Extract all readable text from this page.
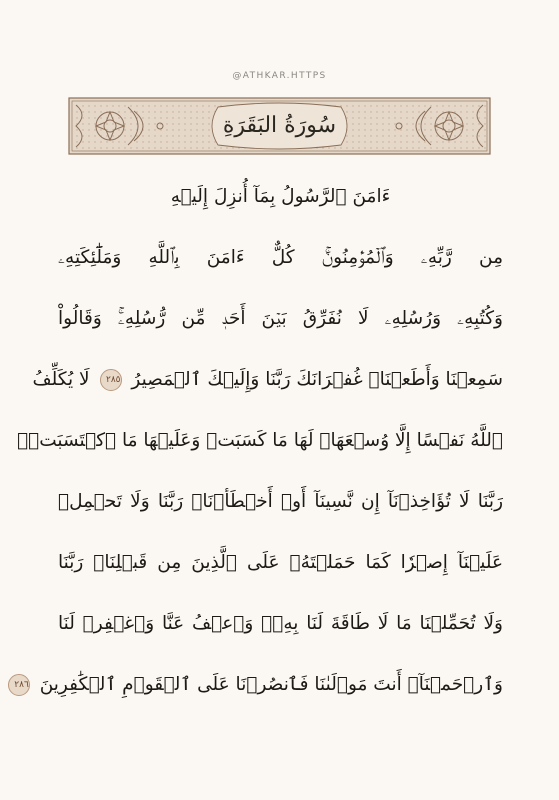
@ATHKAR.HTTPS
سُورَةُ البَقَرَةِ
ءَامَنَ ٱلرَّسُولُ بِمَآ أُنزِلَ إِلَيۡهِ
مِن رَّبِّهِۦ وَٱلۡمُؤۡمِنُونَۚ كُلٌّ ءَامَنَ بِٱللَّهِ وَمَلَٰٓئِكَتِهِۦ
وَكُتُبِهِۦ وَرُسُلِهِۦ لَا نُفَرِّقُ بَيۡنَ أَحَدٖ مِّن رُّسُلِهِۦۚ وَقَالُواْ
سَمِعۡنَا وَأَطَعۡنَاۖ غُفۡرَانَكَ رَبَّنَا وَإِلَيۡكَ ٱلۡمَصِيرُ ٢٨٥ لَا يُكَلِّفُ
ٱللَّهُ نَفۡسًا إِلَّا وُسۡعَهَاۚ لَهَا مَا كَسَبَتۡ وَعَلَيۡهَا مَا ٱكۡتَسَبَتۡۗ
رَبَّنَا لَا تُؤَاخِذۡنَآ إِن نَّسِينَآ أَوۡ أَخۡطَأۡنَاۚ رَبَّنَا وَلَا تَحۡمِلۡ
عَلَيۡنَآ إِصۡرٗا كَمَا حَمَلۡتَهُۥ عَلَى ٱلَّذِينَ مِن قَبۡلِنَاۚ رَبَّنَا
وَلَا تُحَمِّلۡنَا مَا لَا طَاقَةَ لَنَا بِهِۦۖ وَٱعۡفُ عَنَّا وَٱغۡفِرۡ لَنَا
وَٱرۡحَمۡنَآۚ أَنتَ مَوۡلَىٰنَا فَٱنصُرۡنَا عَلَى ٱلۡقَوۡمِ ٱلۡكَٰفِرِينَ ٢٨٦
